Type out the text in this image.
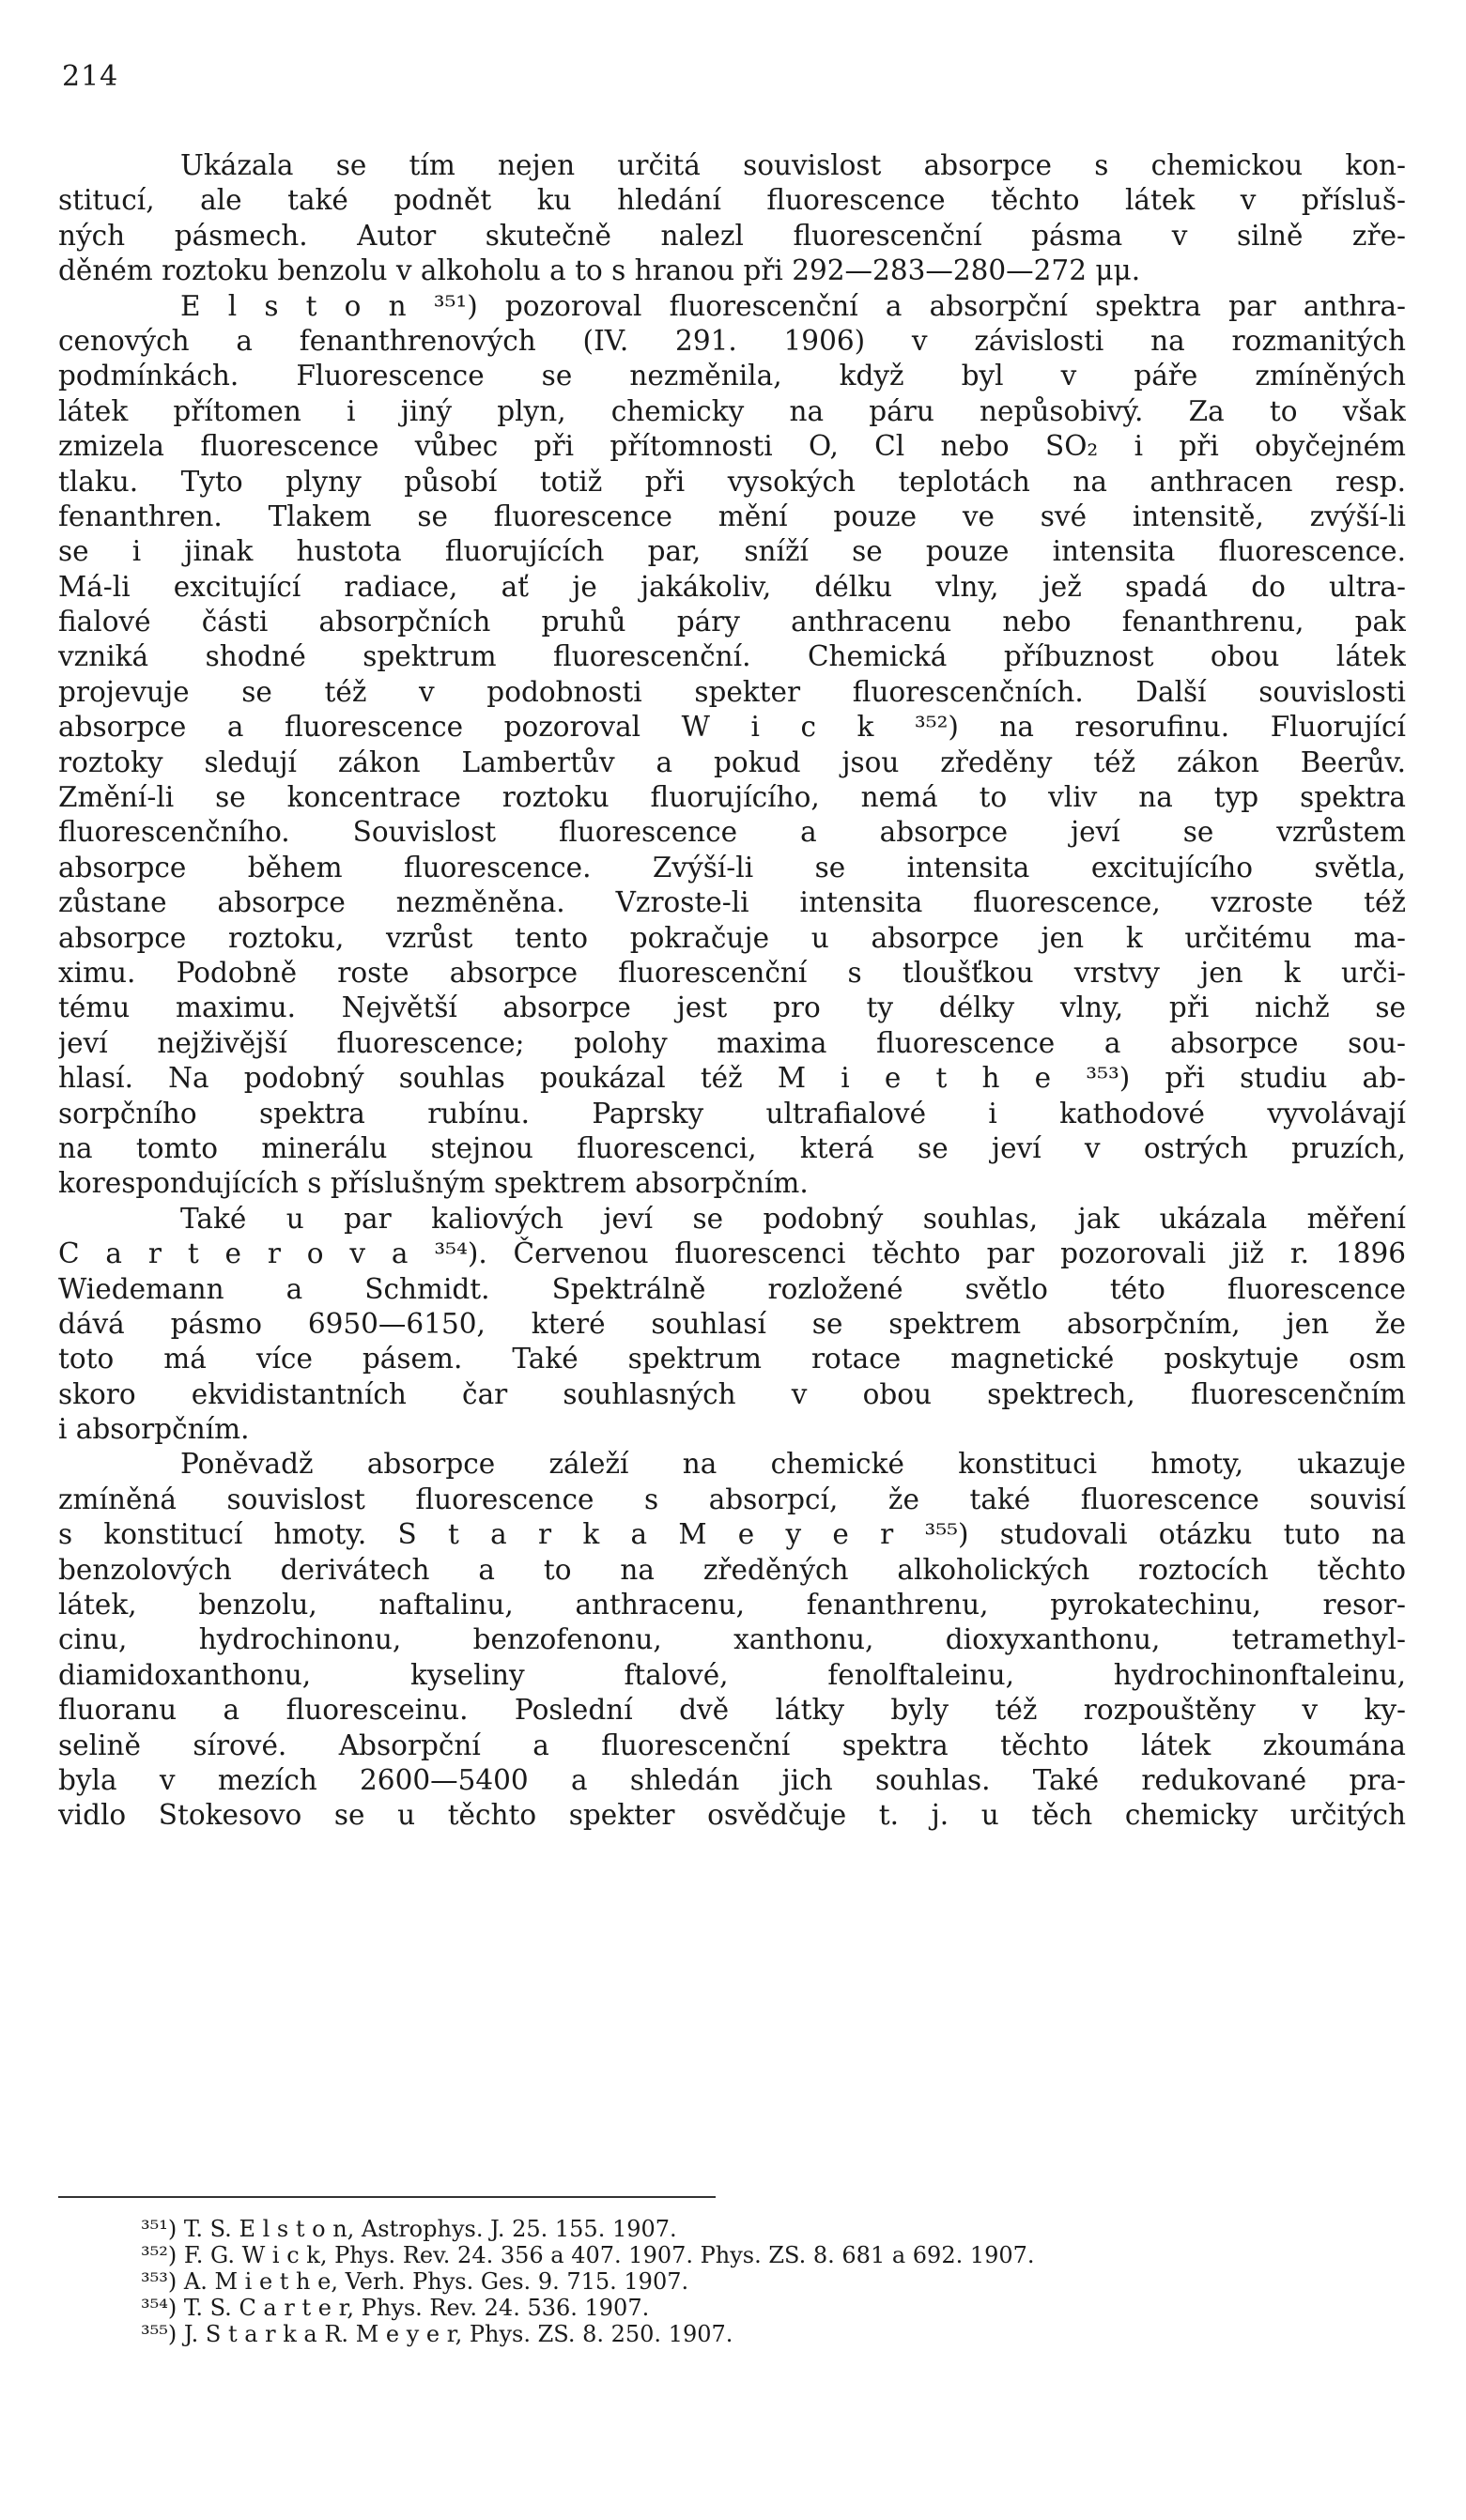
214
Ukázala se tím nejen určitá souvislost absorpce s chemickou kon-
stitucí, ale také podnět ku hledání fluorescence těchto látek v přísluš-
ných pásmech. Autor skutečně nalezl fluorescenční pásma v silně zře-
děném roztoku benzolu v alkoholu a to s hranou při 292—283—280—272 μμ.
E l s t o n ³⁵¹) pozoroval fluorescenční a absorpční spektra par anthra-
cenových a fenanthrenových (IV. 291. 1906) v závislosti na rozmanitých
podmínkách. Fluorescence se nezměnila, když byl v páře zmíněných
látek přítomen i jiný plyn, chemicky na páru nepůsobivý. Za to však
zmizela fluorescence vůbec při přítomnosti O, Cl nebo SO₂ i při obyčejném
tlaku. Tyto plyny působí totiž při vysokých teplotách na anthracen resp.
fenanthren. Tlakem se fluorescence mění pouze ve své intensitě, zvýší-li
se i jinak hustota fluorujících par, sníží se pouze intensita fluorescence.
Má-li excitující radiace, ať je jakákoliv, délku vlny, jež spadá do ultra-
fialové části absorpčních pruhů páry anthracenu nebo fenanthrenu, pak
vzniká shodné spektrum fluorescenční. Chemická příbuznost obou látek
projevuje se též v podobnosti spekter fluorescenčních. Další souvislosti
absorpce a fluorescence pozoroval W i c k ³⁵²) na resorufinu. Fluorující
roztoky sledují zákon Lambertův a pokud jsou zředěny též zákon Beerův.
Změní-li se koncentrace roztoku fluorujícího, nemá to vliv na typ spektra
fluorescenčního. Souvislost fluorescence a absorpce jeví se vzrůstem
absorpce během fluorescence. Zvýší-li se intensita excitujícího světla,
zůstane absorpce nezměněna. Vzroste-li intensita fluorescence, vzroste též
absorpce roztoku, vzrůst tento pokračuje u absorpce jen k určitému ma-
ximu. Podobně roste absorpce fluorescenční s tloušťkou vrstvy jen k urči-
tému maximu. Největší absorpce jest pro ty délky vlny, při nichž se
jeví nejživější fluorescence; polohy maxima fluorescence a absorpce sou-
hlasí. Na podobný souhlas poukázal též M i e t h e ³⁵³) při studiu ab-
sorpčního spektra rubínu. Paprsky ultrafialové i kathodové vyvolávají
na tomto minerálu stejnou fluorescenci, která se jeví v ostrých pruzích,
korespondujících s příslušným spektrem absorpčním.
Také u par kaliových jeví se podobný souhlas, jak ukázala měření
C a r t e r o v a ³⁵⁴). Červenou fluorescenci těchto par pozorovali již r. 1896
Wiedemann a Schmidt. Spektrálně rozložené světlo této fluorescence
dává pásmo 6950—6150, které souhlasí se spektrem absorpčním, jen že
toto má více pásem. Také spektrum rotace magnetické poskytuje osm
skoro ekvidistantních čar souhlasných v obou spektrech, fluorescenčním
i absorpčním.
Poněvadž absorpce záleží na chemické konstituci hmoty, ukazuje
zmíněná souvislost fluorescence s absorpcí, že také fluorescence souvisí
s konstitucí hmoty. S t a r k a M e y e r ³⁵⁵) studovali otázku tuto na
benzolových derivátech a to na zředěných alkoholických roztocích těchto
látek, benzolu, naftalinu, anthracenu, fenanthrenu, pyrokatechinu, resor-
cinu, hydrochinonu, benzofenonu, xanthonu, dioxyxanthonu, tetramethyl-
diamidoxanthonu, kyseliny ftalové, fenolftaleinu, hydrochinonftaleinu,
fluoranu a fluoresceinu. Poslední dvě látky byly též rozpouštěny v ky-
selině sírové. Absorpční a fluorescenční spektra těchto látek zkoumána
byla v mezích 2600—5400 a shledán jich souhlas. Také redukované pra-
vidlo Stokesovo se u těchto spekter osvědčuje t. j. u těch chemicky určitých
³⁵¹) T. S. E l s t o n, Astrophys. J. 25. 155. 1907.
³⁵²) F. G. W i c k, Phys. Rev. 24. 356 a 407. 1907. Phys. ZS. 8. 681 a 692. 1907.
³⁵³) A. M i e t h e, Verh. Phys. Ges. 9. 715. 1907.
³⁵⁴) T. S. C a r t e r, Phys. Rev. 24. 536. 1907.
³⁵⁵) J. S t a r k a R. M e y e r, Phys. ZS. 8. 250. 1907.
